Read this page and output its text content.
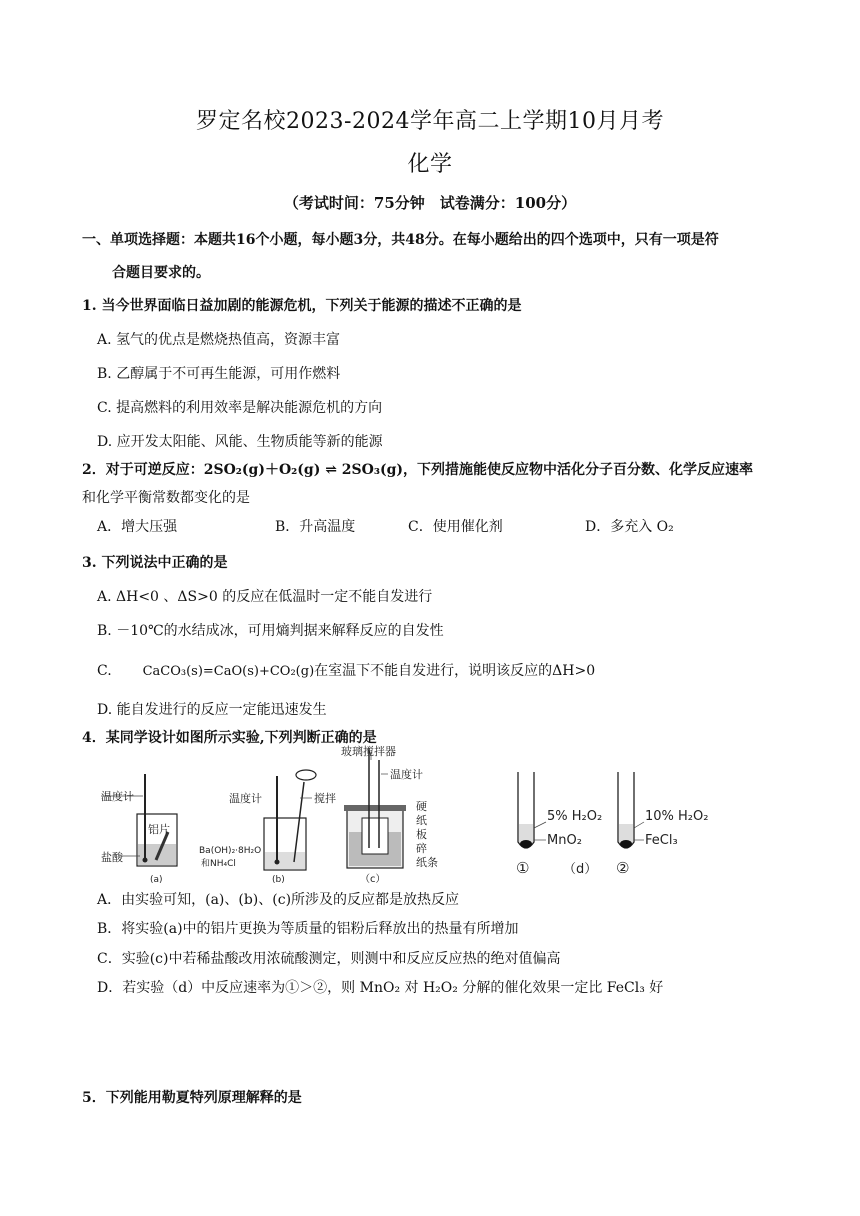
罗定名校2023-2024学年高二上学期10月月考
化学
（考试时间：75分钟　试卷满分：100分）
一、单项选择题：本题共16个小题，每小题3分，共48分。在每小题给出的四个选项中，只有一项是符
合题目要求的。
1. 当今世界面临日益加剧的能源危机，下列关于能源的描述不正确的是
A. 氢气的优点是燃烧热值高，资源丰富
B. 乙醇属于不可再生能源，可用作燃料
C. 提高燃料的利用效率是解决能源危机的方向
D. 应开发太阳能、风能、生物质能等新的能源
2．对于可逆反应：2SO₂(g)＋O₂(g) ⇌ 2SO₃(g)，下列措施能使反应物中活化分子百分数、化学反应速率
和化学平衡常数都变化的是
A．增大压强	B．升高温度	C．使用催化剂	D．多充入 O₂
3. 下列说法中正确的是
A. ΔH<0 、ΔS>0 的反应在低温时一定不能自发进行
B. －10℃的水结成冰，可用熵判据来解释反应的自发性
C. CaCO₃(s)=CaO(s)+CO₂(g)在室温下不能自发进行，说明该反应的ΔH>0
D. 能自发进行的反应一定能迅速发生
4．某同学设计如图所示实验,下列判断正确的是
温度计
铝片
盐酸
(a)
温度计	搅拌
Ba(OH)₂·8H₂O
和NH₄Cl
(b)
玻璃搅拌器
温度计
硬
纸
板
碎
纸条
（c）
5% H₂O₂
MnO₂
10% H₂O₂
FeCl₃
①	（d） ②
A．由实验可知，(a)、(b)、(c)所涉及的反应都是放热反应
B．将实验(a)中的铝片更换为等质量的铝粉后释放出的热量有所增加
C．实验(c)中若稀盐酸改用浓硫酸测定，则测中和反应反应热的绝对值偏高
D．若实验（d）中反应速率为①＞②，则 MnO₂ 对 H₂O₂ 分解的催化效果一定比 FeCl₃ 好
5．下列能用勒夏特列原理解释的是
